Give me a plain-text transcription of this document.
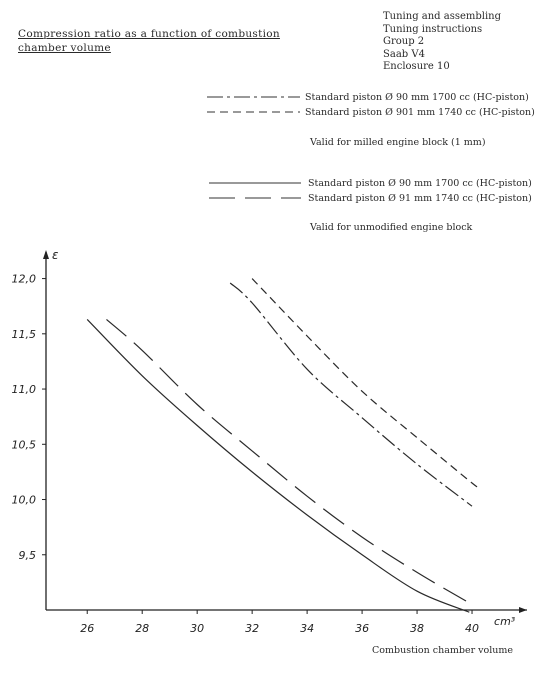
Compression ratio as a function of combustion
chamber volume
Tuning and assembling
Tuning instructions
Group 2
Saab V4
Enclosure 10
Standard piston Ø 90 mm 1700 cc (HC-piston)
Standard piston Ø 901 mm 1740 cc (HC-piston)
Valid for milled engine block (1 mm)
Standard piston Ø 90 mm 1700 cc (HC-piston)
Standard piston Ø 91 mm 1740 cc (HC-piston)
Valid for unmodified engine block
ε
cm³
9,5
10,0
10,5
11,0
11,5
12,0
26	28	30	32	34	36	38	40
Combustion chamber volume
